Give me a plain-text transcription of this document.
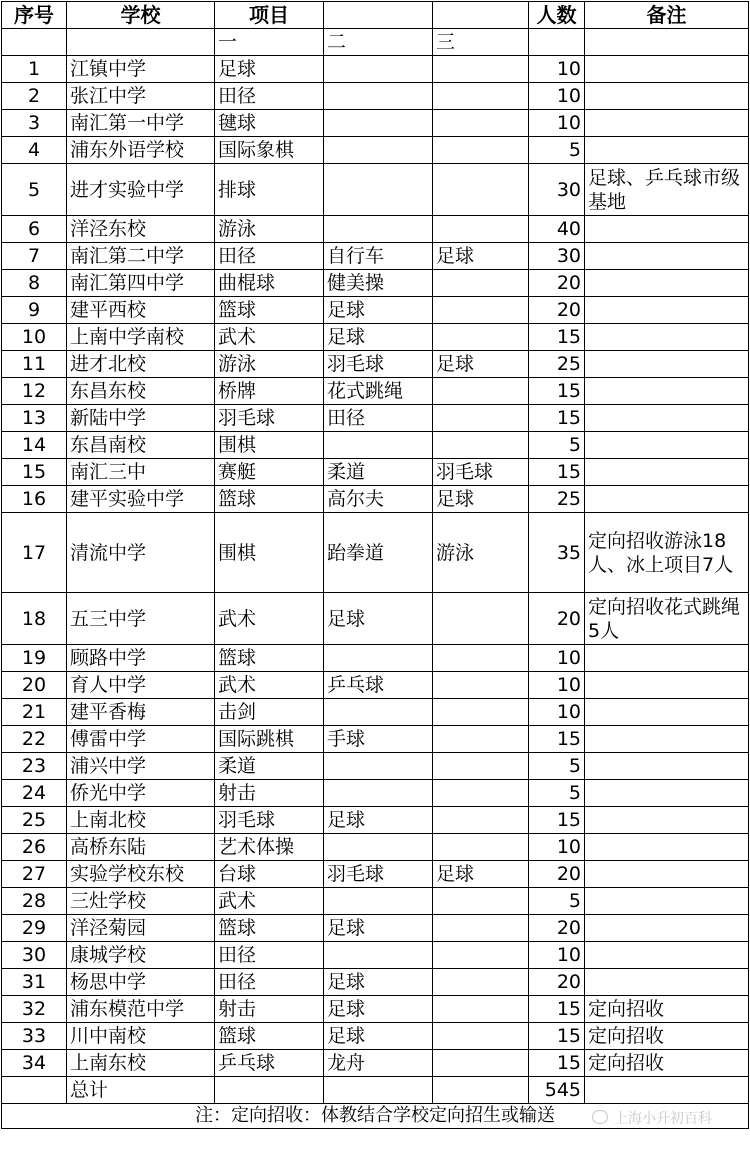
序号	学校	项目			人数	备注
		一	二	三		
1	江镇中学	足球			10	
2	张江中学	田径			10	
3	南汇第一中学	毽球			10	
4	浦东外语学校	国际象棋			5	
5	进才实验中学	排球			30	足球、乒乓球市级基地
6	洋泾东校	游泳			40	
7	南汇第二中学	田径	自行车	足球	30	
8	南汇第四中学	曲棍球	健美操		20	
9	建平西校	篮球	足球		20	
10	上南中学南校	武术	足球		15	
11	进才北校	游泳	羽毛球	足球	25	
12	东昌东校	桥牌	花式跳绳		15	
13	新陆中学	羽毛球	田径		15	
14	东昌南校	围棋			5	
15	南汇三中	赛艇	柔道	羽毛球	15	
16	建平实验中学	篮球	高尔夫	足球	25	
17	清流中学	围棋	跆拳道	游泳	35	定向招收游泳18人、冰上项目7人
18	五三中学	武术	足球		20	定向招收花式跳绳5人
19	顾路中学	篮球			10	
20	育人中学	武术	乒乓球		10	
21	建平香梅	击剑			10	
22	傅雷中学	国际跳棋	手球		15	
23	浦兴中学	柔道			5	
24	侨光中学	射击			5	
25	上南北校	羽毛球	足球		15	
26	高桥东陆	艺术体操			10	
27	实验学校东校	台球	羽毛球	足球	20	
28	三灶学校	武术			5	
29	洋泾菊园	篮球	足球		20	
30	康城学校	田径			10	
31	杨思中学	田径	足球		20	
32	浦东模范中学	射击	足球		15	定向招收
33	川中南校	篮球	足球		15	定向招收
34	上南东校	乒乓球	龙舟		15	定向招收
	总计				545	
注：定向招收：体教结合学校定向招生或输送							上海小升初百科
